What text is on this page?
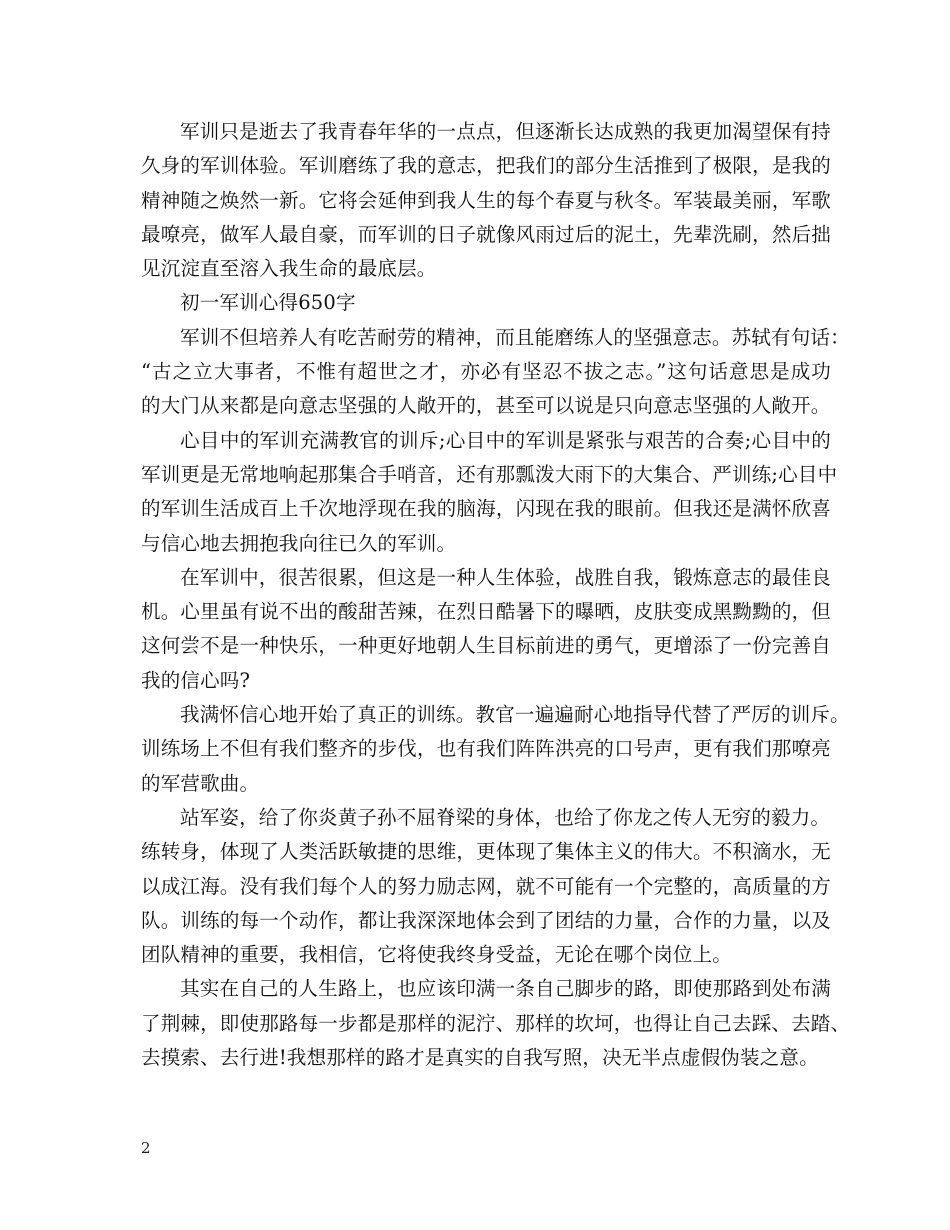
军训只是逝去了我青春年华的一点点，但逐渐长达成熟的我更加渴望保有持
久身的军训体验。军训磨练了我的意志，把我们的部分生活推到了极限，是我的
精神随之焕然一新。它将会延伸到我人生的每个春夏与秋冬。军装最美丽，军歌
最嘹亮，做军人最自豪，而军训的日子就像风雨过后的泥土，先辈洗刷，然后拙
见沉淀直至溶入我生命的最底层。
初一军训心得650字
军训不但培养人有吃苦耐劳的精神，而且能磨练人的坚强意志。苏轼有句话：
“古之立大事者，不惟有超世之才，亦必有坚忍不拔之志。”这句话意思是成功
的大门从来都是向意志坚强的人敞开的，甚至可以说是只向意志坚强的人敞开。
心目中的军训充满教官的训斥;心目中的军训是紧张与艰苦的合奏;心目中的
军训更是无常地响起那集合手哨音，还有那瓢泼大雨下的大集合、严训练;心目中
的军训生活成百上千次地浮现在我的脑海，闪现在我的眼前。但我还是满怀欣喜
与信心地去拥抱我向往已久的军训。
在军训中，很苦很累，但这是一种人生体验，战胜自我，锻炼意志的最佳良
机。心里虽有说不出的酸甜苦辣，在烈日酷暑下的曝晒，皮肤变成黑黝黝的，但
这何尝不是一种快乐，一种更好地朝人生目标前进的勇气，更增添了一份完善自
我的信心吗?
我满怀信心地开始了真正的训练。教官一遍遍耐心地指导代替了严厉的训斥。
训练场上不但有我们整齐的步伐，也有我们阵阵洪亮的口号声，更有我们那嘹亮
的军营歌曲。
站军姿，给了你炎黄子孙不屈脊梁的身体，也给了你龙之传人无穷的毅力。
练转身，体现了人类活跃敏捷的思维，更体现了集体主义的伟大。不积滴水，无
以成江海。没有我们每个人的努力励志网，就不可能有一个完整的，高质量的方
队。训练的每一个动作，都让我深深地体会到了团结的力量，合作的力量，以及
团队精神的重要，我相信，它将使我终身受益，无论在哪个岗位上。
其实在自己的人生路上，也应该印满一条自己脚步的路，即使那路到处布满
了荆棘，即使那路每一步都是那样的泥泞、那样的坎坷，也得让自己去踩、去踏、
去摸索、去行进!我想那样的路才是真实的自我写照，决无半点虚假伪装之意。
2
